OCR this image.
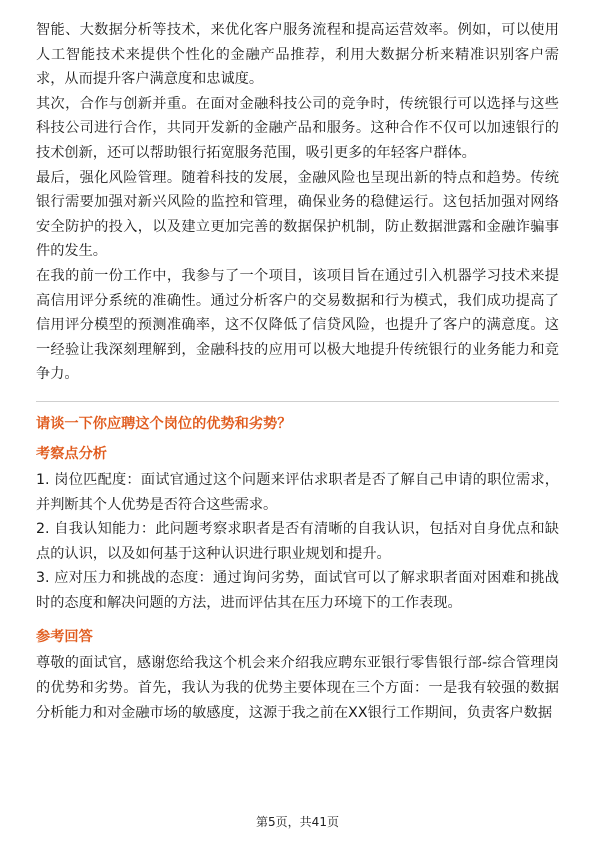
智能、大数据分析等技术，来优化客户服务流程和提高运营效率。例如，可以使用人工智能技术来提供个性化的金融产品推荐，利用大数据分析来精准识别客户需求，从而提升客户满意度和忠诚度。

其次，合作与创新并重。在面对金融科技公司的竞争时，传统银行可以选择与这些科技公司进行合作，共同开发新的金融产品和服务。这种合作不仅可以加速银行的技术创新，还可以帮助银行拓宽服务范围，吸引更多的年轻客户群体。

最后，强化风险管理。随着科技的发展，金融风险也呈现出新的特点和趋势。传统银行需要加强对新兴风险的监控和管理，确保业务的稳健运行。这包括加强对网络安全防护的投入，以及建立更加完善的数据保护机制，防止数据泄露和金融诈骗事件的发生。

在我的前一份工作中，我参与了一个项目，该项目旨在通过引入机器学习技术来提高信用评分系统的准确性。通过分析客户的交易数据和行为模式，我们成功提高了信用评分模型的预测准确率，这不仅降低了信贷风险，也提升了客户的满意度。这一经验让我深刻理解到，金融科技的应用可以极大地提升传统银行的业务能力和竞争力。

请谈一下你应聘这个岗位的优势和劣势？

考察点分析

1. 岗位匹配度：面试官通过这个问题来评估求职者是否了解自己申请的职位需求，并判断其个人优势是否符合这些需求。

2. 自我认知能力：此问题考察求职者是否有清晰的自我认识，包括对自身优点和缺点的认识，以及如何基于这种认识进行职业规划和提升。

3. 应对压力和挑战的态度：通过询问劣势，面试官可以了解求职者面对困难和挑战时的态度和解决问题的方法，进而评估其在压力环境下的工作表现。

参考回答

尊敬的面试官，感谢您给我这个机会来介绍我应聘东亚银行零售银行部-综合管理岗的优势和劣势。首先，我认为我的优势主要体现在三个方面：一是我有较强的数据分析能力和对金融市场的敏感度，这源于我之前在XX银行工作期间，负责客户数据

第5页，共41页
